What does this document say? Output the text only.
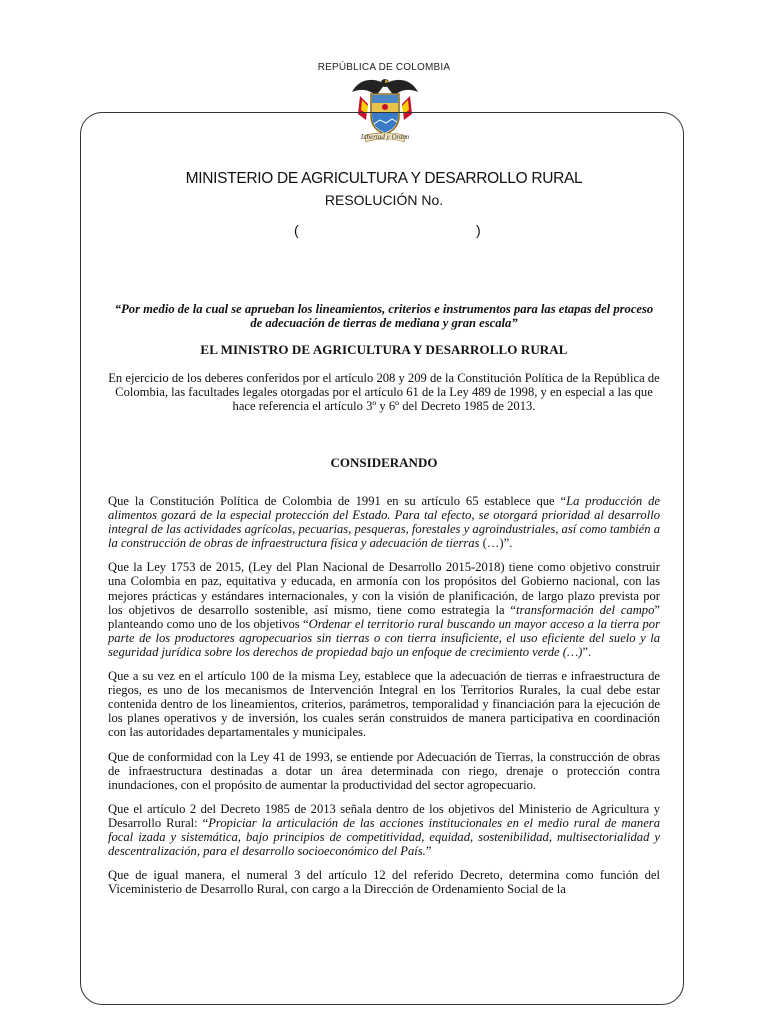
REPÚBLICA DE COLOMBIA
Libertad y Orden
MINISTERIO DE AGRICULTURA Y DESARROLLO RURAL
RESOLUCIÓN No.
(	)
“Por medio de la cual se aprueban los lineamientos, criterios e instrumentos para las etapas del proceso de adecuación de tierras de mediana y gran escala”
EL MINISTRO DE AGRICULTURA Y DESARROLLO RURAL
En ejercicio de los deberes conferidos por el artículo 208 y 209 de la Constitución Política de la República de Colombia, las facultades legales otorgadas por el artículo 61 de la Ley 489 de 1998, y en especial a las que hace referencia el artículo 3º y 6º del Decreto 1985 de 2013.
CONSIDERANDO

Que la Constitución Política de Colombia de 1991 en su artículo 65 establece que “La producción de alimentos gozará de la especial protección del Estado. Para tal efecto, se otorgará prioridad al desarrollo integral de las actividades agrícolas, pecuarias, pesqueras, forestales y agroindustriales, así como también a la construcción de obras de infraestructura física y adecuación de tierras (…)”.

Que la Ley 1753 de 2015, (Ley del Plan Nacional de Desarrollo 2015-2018) tiene como objetivo construir una Colombia en paz, equitativa y educada, en armonía con los propósitos del Gobierno nacional, con las mejores prácticas y estándares internacionales, y con la visión de planificación, de largo plazo prevista por los objetivos de desarrollo sostenible, así mismo, tiene como estrategia la “transformación del campo” planteando como uno de los objetivos “Ordenar el territorio rural buscando un mayor acceso a la tierra por parte de los productores agropecuarios sin tierras o con tierra insuficiente, el uso eficiente del suelo y la seguridad jurídica sobre los derechos de propiedad bajo un enfoque de crecimiento verde (…)”.

Que a su vez en el artículo 100 de la misma Ley, establece que la adecuación de tierras e infraestructura de riegos, es uno de los mecanismos de Intervención Integral en los Territorios Rurales, la cual debe estar contenida dentro de los lineamientos, criterios, parámetros, temporalidad y financiación para la ejecución de los planes operativos y de inversión, los cuales serán construidos de manera participativa en coordinación con las autoridades departamentales y municipales.

Que de conformidad con la Ley 41 de 1993, se entiende por Adecuación de Tierras, la construcción de obras de infraestructura destinadas a dotar un área determinada con riego, drenaje o protección contra inundaciones, con el propósito de aumentar la productividad del sector agropecuario.

Que el artículo 2 del Decreto 1985 de 2013 señala dentro de los objetivos del Ministerio de Agricultura y Desarrollo Rural: “Propiciar la articulación de las acciones institucionales en el medio rural de manera focal izada y sistemática, bajo principios de competitividad, equidad, sostenibilidad, multisectorialidad y descentralización, para el desarrollo socioeconómico del País.”

Que de igual manera, el numeral 3 del artículo 12 del referido Decreto, determina como función del Viceministerio de Desarrollo Rural, con cargo a la Dirección de Ordenamiento Social de la
